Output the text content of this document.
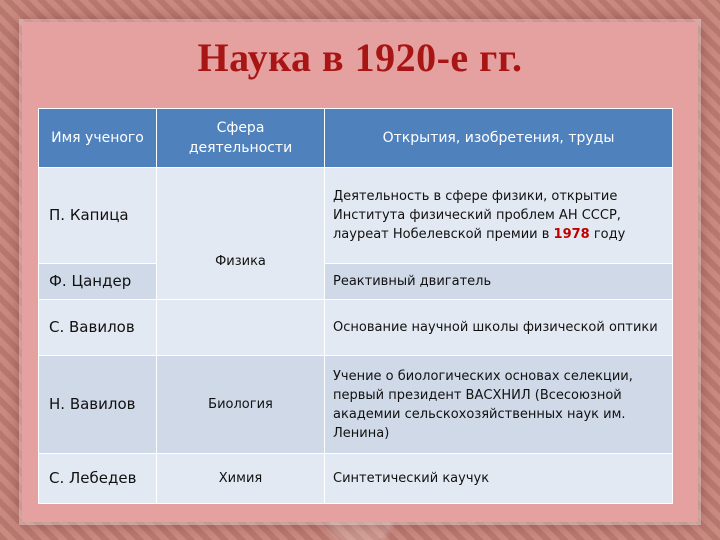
Наука в 1920-е гг.
Имя ученого	Сфера деятельности	Открытия, изобретения, труды
П. Капица	Физика	Деятельность в сфере физики, открытие Института физический проблем АН СССР, лауреат Нобелевской премии в 1978 году
Ф. Цандер		Реактивный двигатель
С. Вавилов		Основание научной школы физической оптики
Н. Вавилов	Биология	Учение о биологических основах селекции, первый президент ВАСХНИЛ (Всесоюзной академии сельскохозяйственных наук им. Ленина)
С. Лебедев	Химия	Синтетический каучук
